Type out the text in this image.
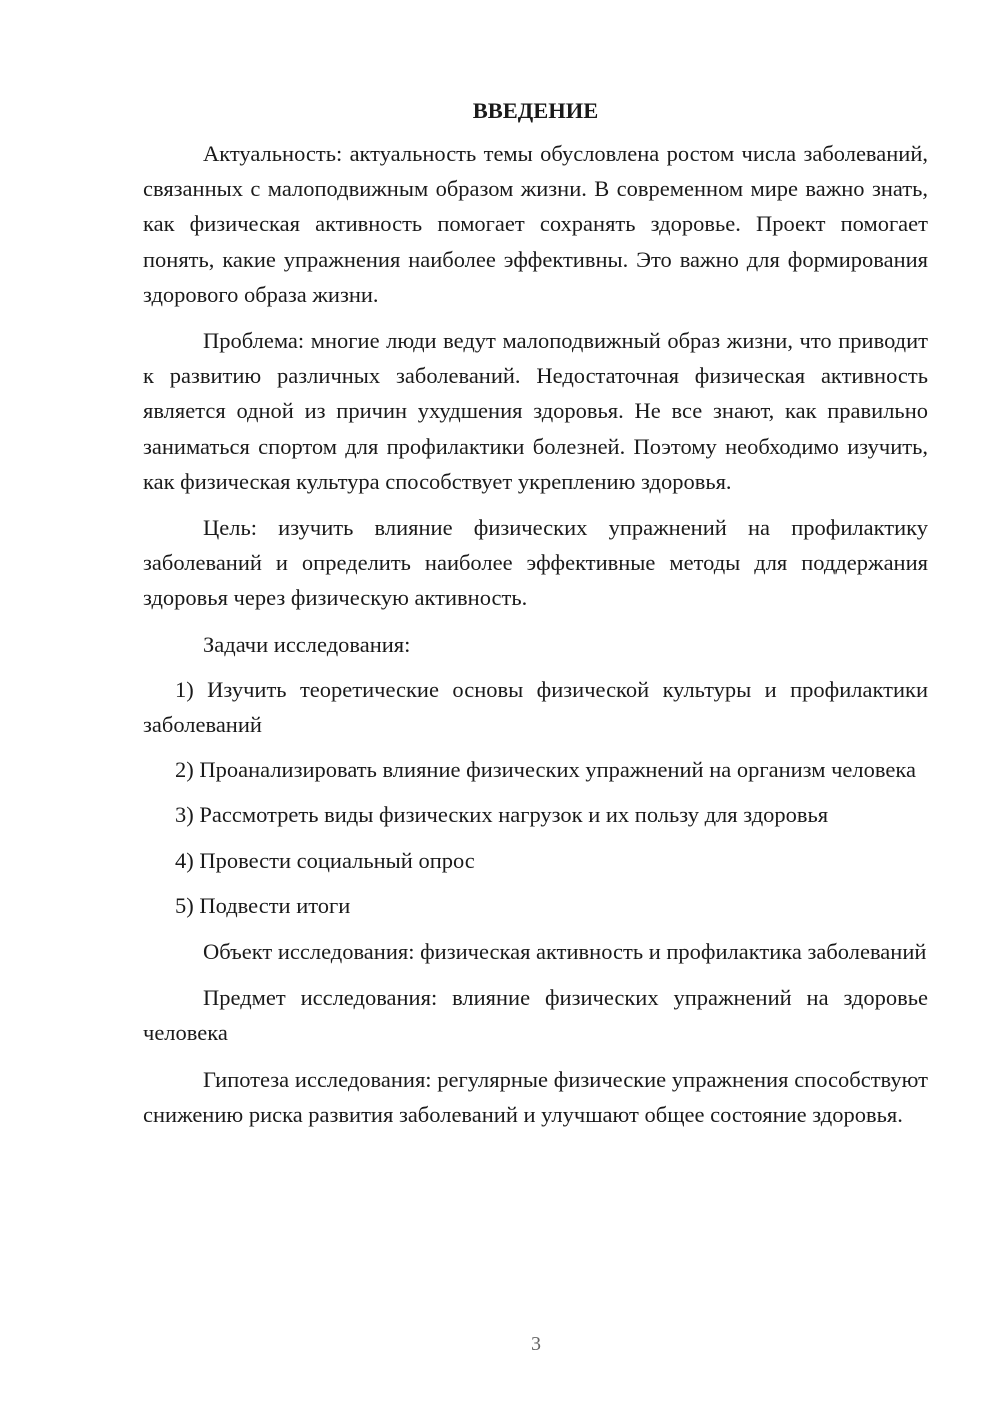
ВВЕДЕНИЕ

Актуальность: актуальность темы обусловлена ростом числа заболеваний, связанных с малоподвижным образом жизни. В современном мире важно знать, как физическая активность помогает сохранять здоровье. Проект помогает понять, какие упражнения наиболее эффективны. Это важно для формирования здорового образа жизни.

Проблема: многие люди ведут малоподвижный образ жизни, что приводит к развитию различных заболеваний. Недостаточная физическая активность является одной из причин ухудшения здоровья. Не все знают, как правильно заниматься спортом для профилактики болезней. Поэтому необходимо изучить, как физическая культура способствует укреплению здоровья.

Цель: изучить влияние физических упражнений на профилактику заболеваний и определить наиболее эффективные методы для поддержания здоровья через физическую активность.

Задачи исследования:

1) Изучить теоретические основы физической культуры и профилактики заболеваний

2) Проанализировать влияние физических упражнений на организм человека

3) Рассмотреть виды физических нагрузок и их пользу для здоровья

4) Провести социальный опрос

5) Подвести итоги

Объект исследования: физическая активность и профилактика заболеваний

Предмет исследования: влияние физических упражнений на здоровье человека

Гипотеза исследования: регулярные физические упражнения способствуют снижению риска развития заболеваний и улучшают общее состояние здоровья.

3
